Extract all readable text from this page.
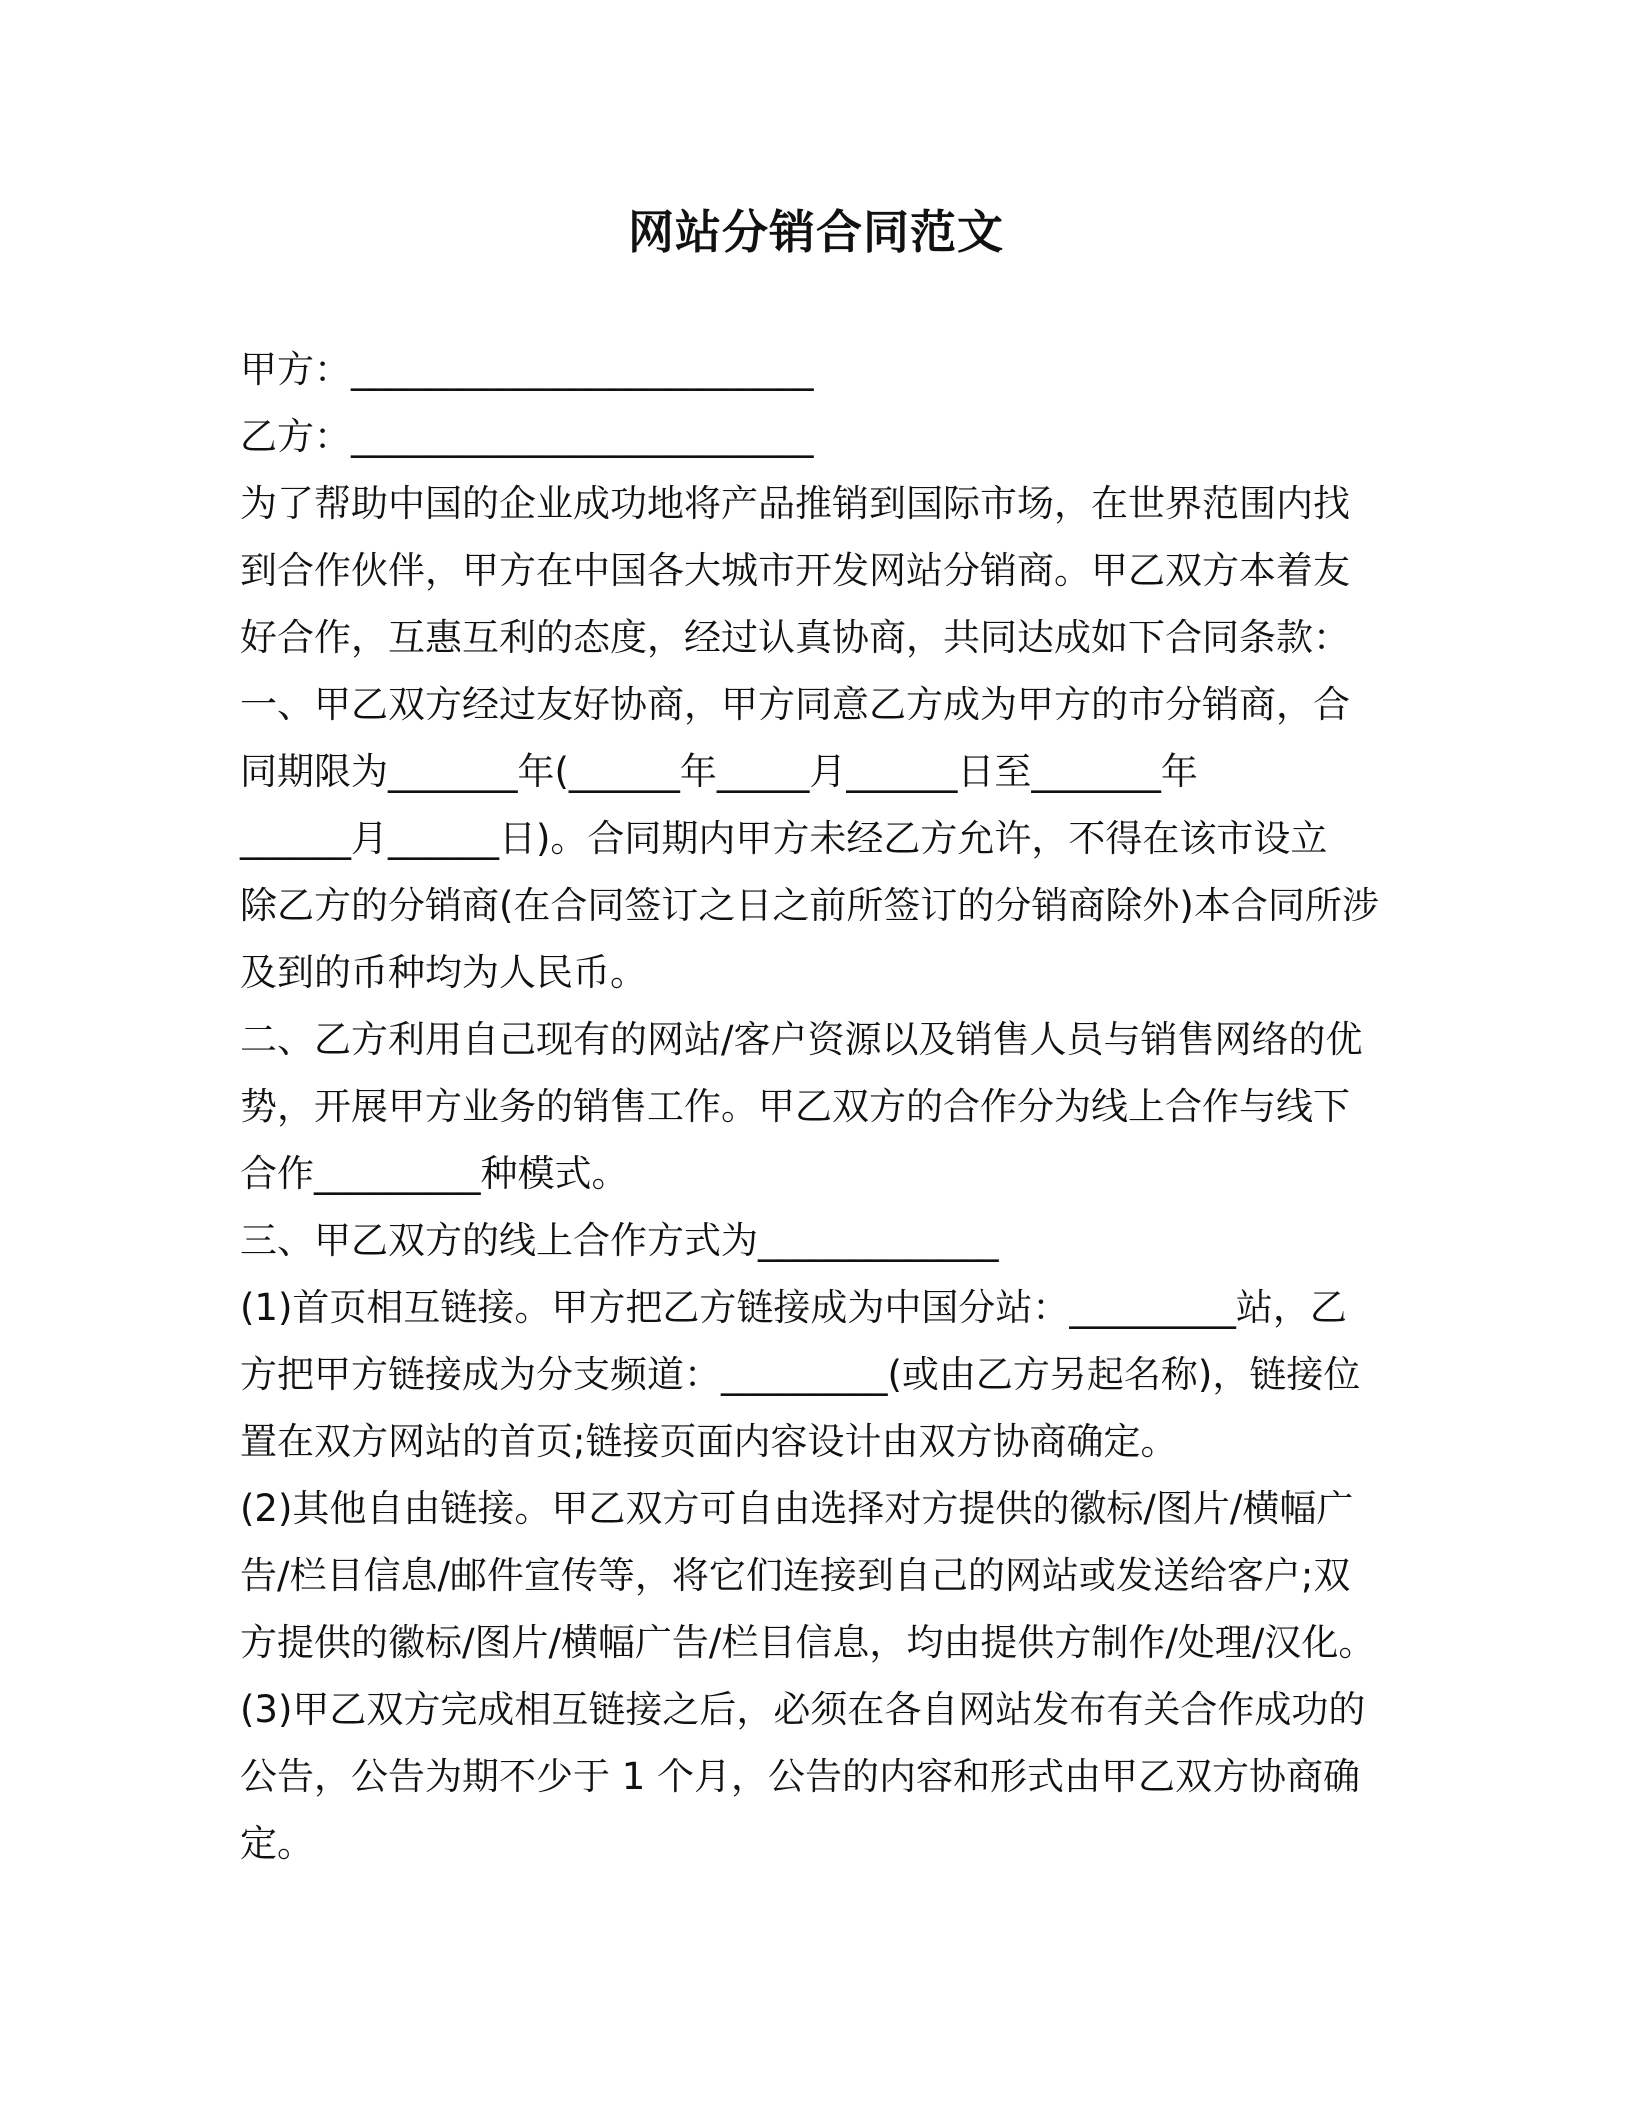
网站分销合同范文

甲方：_________________________

乙方：_________________________

为了帮助中国的企业成功地将产品推销到国际市场，在世界范围内找

到合作伙伴，甲方在中国各大城市开发网站分销商。甲乙双方本着友

好合作，互惠互利的态度，经过认真协商，共同达成如下合同条款：

一、甲乙双方经过友好协商，甲方同意乙方成为甲方的市分销商，合

同期限为_______年(______年_____月______日至_______年

______月______日)。合同期内甲方未经乙方允许，不得在该市设立

除乙方的分销商(在合同签订之日之前所签订的分销商除外)本合同所涉

及到的币种均为人民币。

二、乙方利用自己现有的网站/客户资源以及销售人员与销售网络的优

势，开展甲方业务的销售工作。甲乙双方的合作分为线上合作与线下

合作_________种模式。

三、甲乙双方的线上合作方式为_____________

(1)首页相互链接。甲方把乙方链接成为中国分站：_________站，乙

方把甲方链接成为分支频道：_________(或由乙方另起名称)，链接位

置在双方网站的首页;链接页面内容设计由双方协商确定。

(2)其他自由链接。甲乙双方可自由选择对方提供的徽标/图片/横幅广

告/栏目信息/邮件宣传等，将它们连接到自己的网站或发送给客户;双

方提供的徽标/图片/横幅广告/栏目信息，均由提供方制作/处理/汉化。

(3)甲乙双方完成相互链接之后，必须在各自网站发布有关合作成功的

公告，公告为期不少于 1 个月，公告的内容和形式由甲乙双方协商确

定。
